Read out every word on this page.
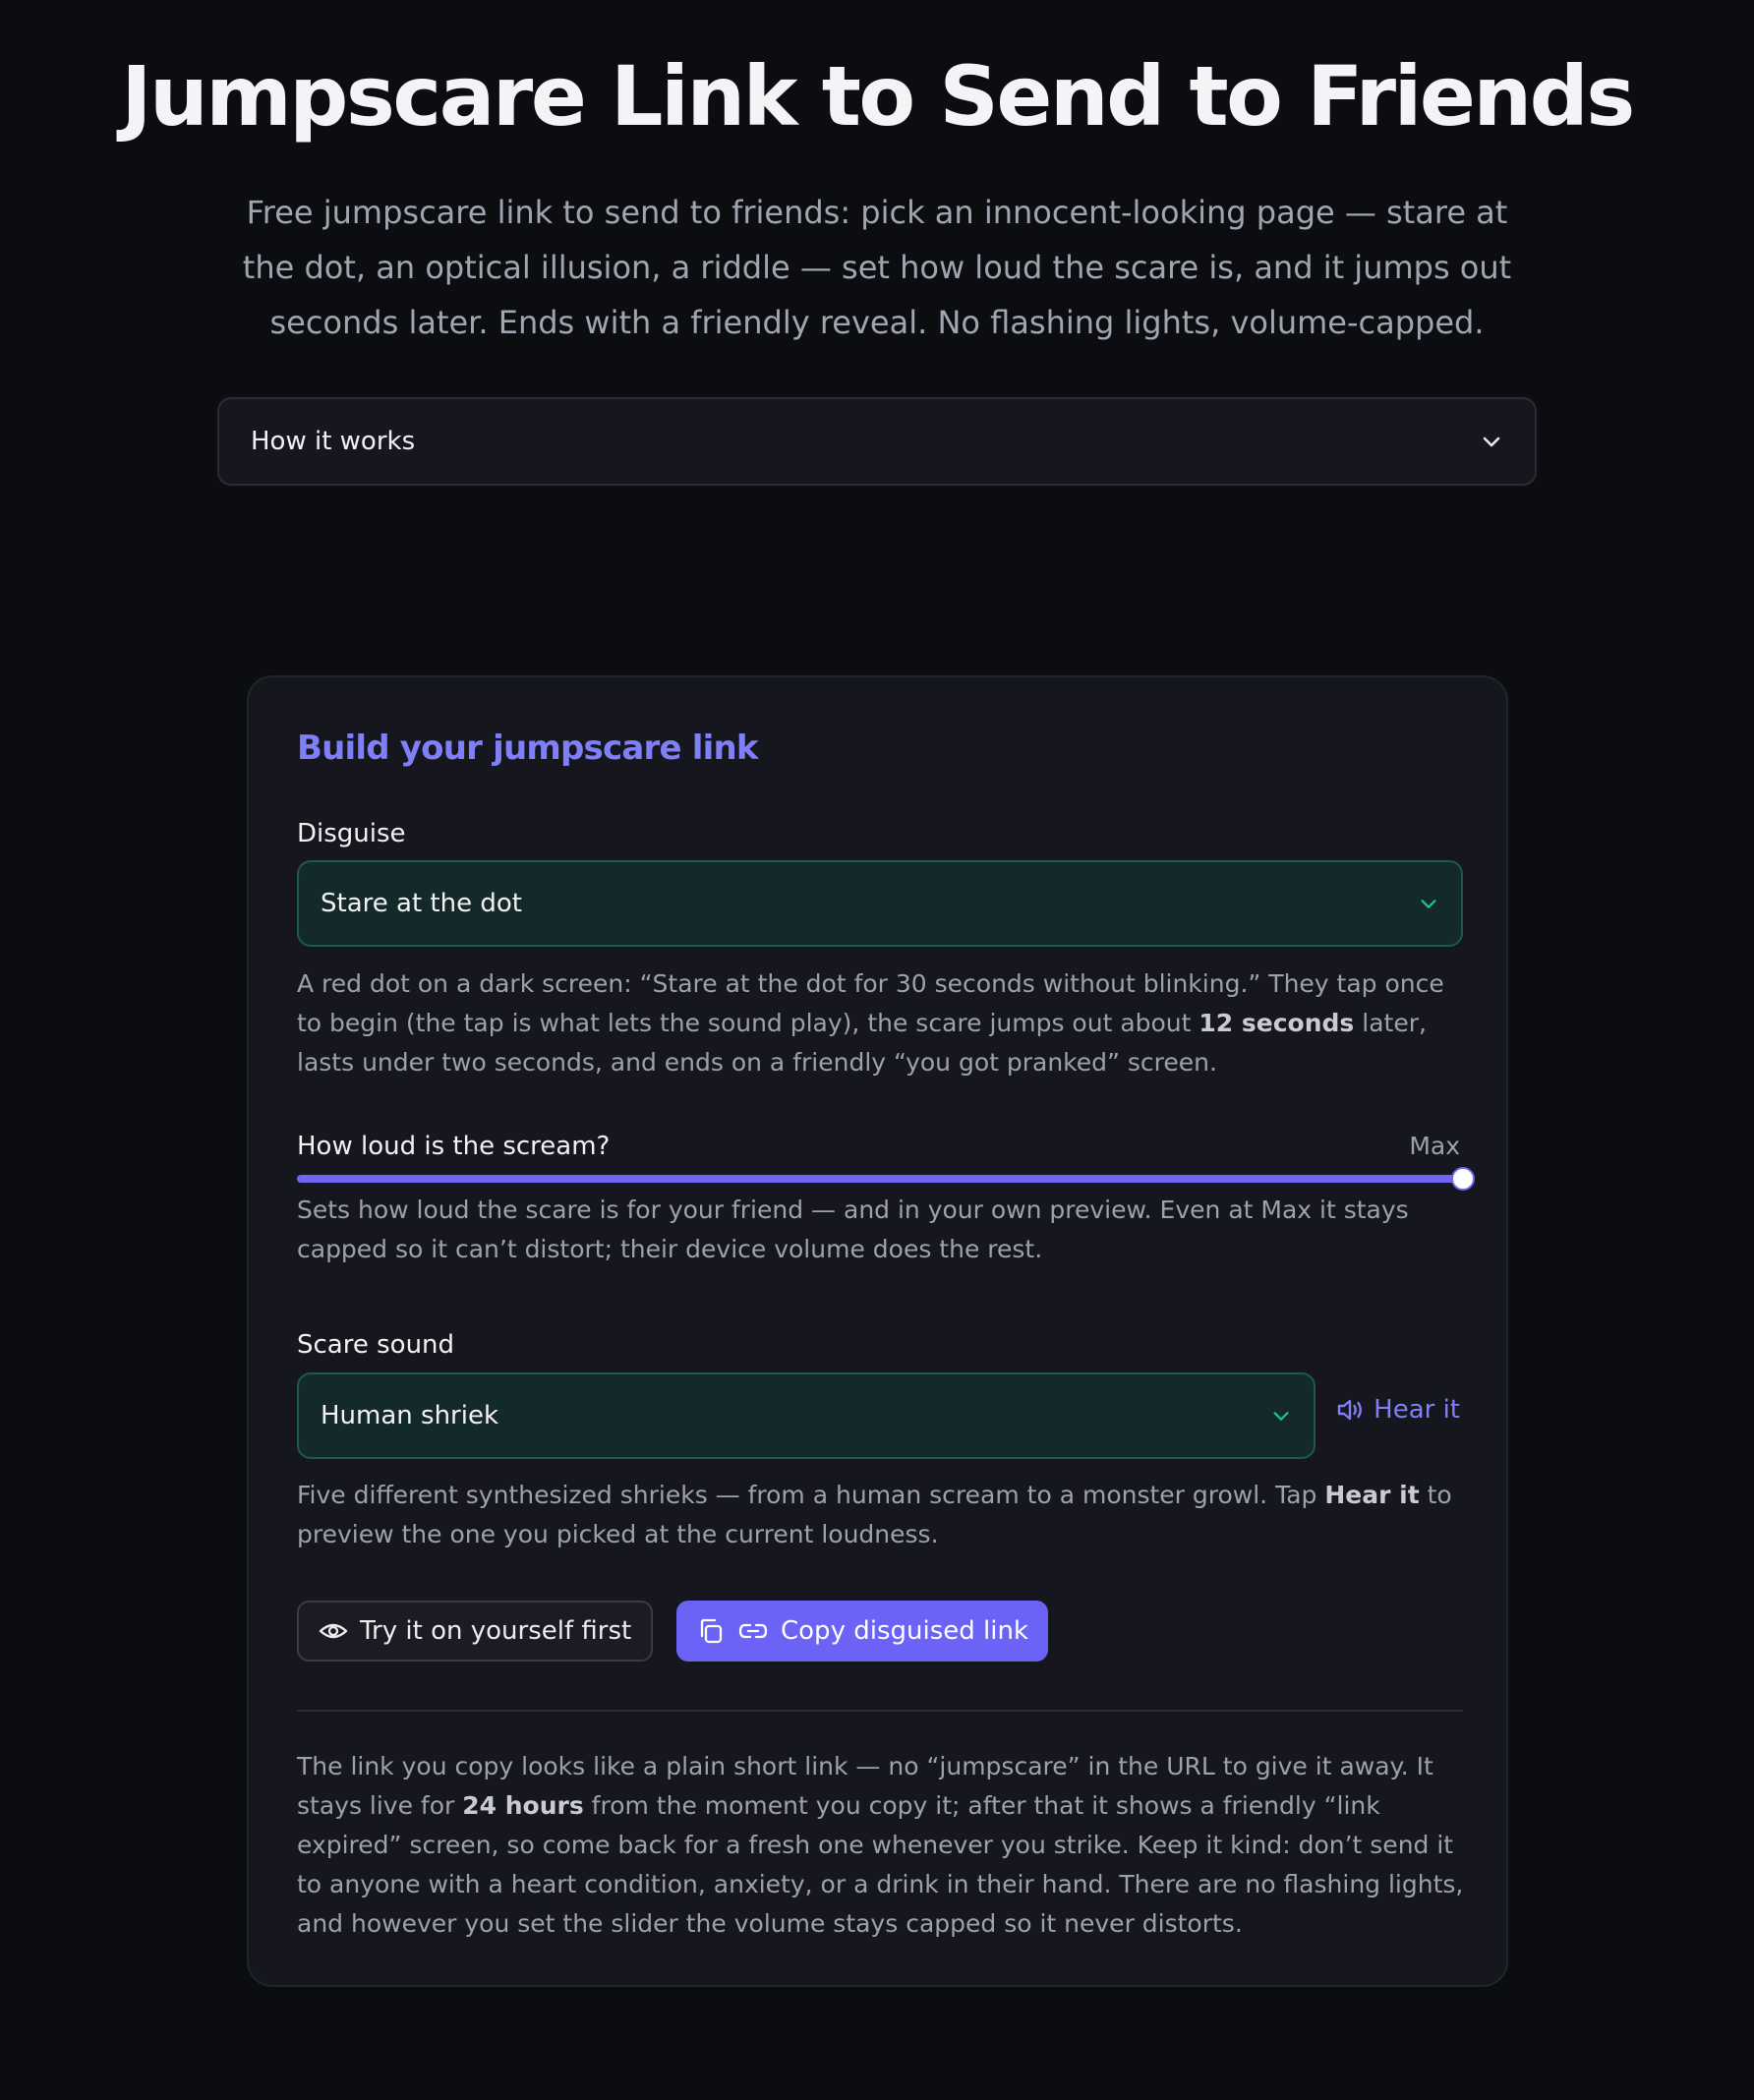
Jumpscare Link to Send to Friends

Free jumpscare link to send to friends: pick an innocent-looking page — stare at the dot, an optical illusion, a riddle — set how loud the scare is, and it jumps out seconds later. Ends with a friendly reveal. No flashing lights, volume-capped.

How it works
Build your jumpscare link
Disguise
Stare at the dot

A red dot on a dark screen: “Stare at the dot for 30 seconds without blinking.” They tap once to begin (the tap is what lets the sound play), the scare jumps out about 12 seconds later, lasts under two seconds, and ends on a friendly “you got pranked” screen.

How loud is the scream?	Max

Sets how loud the scare is for your friend — and in your own preview. Even at Max it stays capped so it can’t distort; their device volume does the rest.

Scare sound
Human shriek	Hear it

Five different synthesized shrieks — from a human scream to a monster growl. Tap Hear it to preview the one you picked at the current loudness.

Try it on yourself first	Copy disguised link

The link you copy looks like a plain short link — no “jumpscare” in the URL to give it away. It stays live for 24 hours from the moment you copy it; after that it shows a friendly “link expired” screen, so come back for a fresh one whenever you strike. Keep it kind: don’t send it to anyone with a heart condition, anxiety, or a drink in their hand. There are no flashing lights, and however you set the slider the volume stays capped so it never distorts.
